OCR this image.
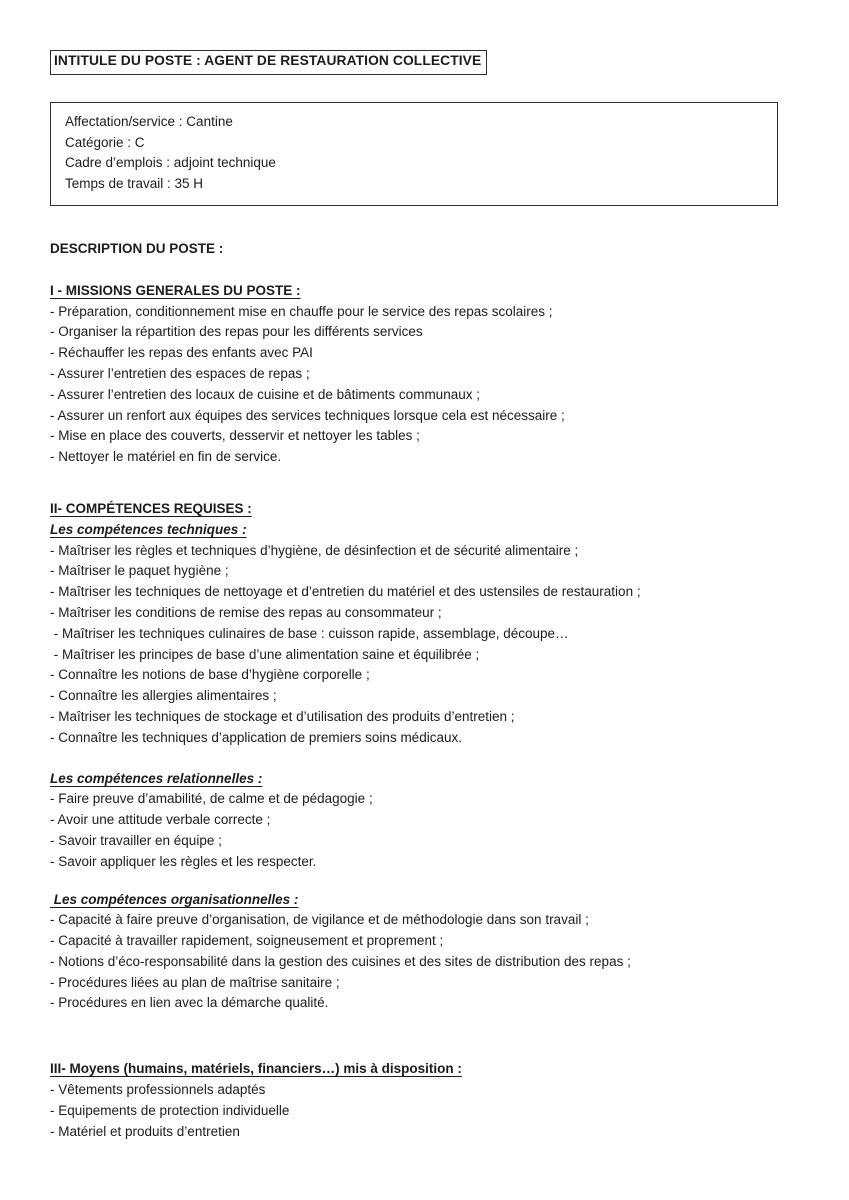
INTITULE DU POSTE : AGENT DE RESTAURATION COLLECTIVE

Affectation/service : Cantine

Catégorie : C

Cadre d’emplois : adjoint technique

Temps de travail : 35 H

DESCRIPTION DU POSTE :

I - MISSIONS GENERALES DU POSTE :

- Préparation, conditionnement mise en chauffe pour le service des repas scolaires ;

- Organiser la répartition des repas pour les différents services

- Réchauffer les repas des enfants avec PAI

- Assurer l’entretien des espaces de repas ;

- Assurer l’entretien des locaux de cuisine et de bâtiments communaux ;

- Assurer un renfort aux équipes des services techniques lorsque cela est nécessaire ;

- Mise en place des couverts, desservir et nettoyer les tables ;

- Nettoyer le matériel en fin de service.

II- COMPÉTENCES REQUISES :

Les compétences techniques :

- Maîtriser les règles et techniques d’hygiène, de désinfection et de sécurité alimentaire ;

- Maîtriser le paquet hygiène ;

- Maîtriser les techniques de nettoyage et d’entretien du matériel et des ustensiles de restauration ;

- Maîtriser les conditions de remise des repas au consommateur ;

- Maîtriser les techniques culinaires de base : cuisson rapide, assemblage, découpe…

- Maîtriser les principes de base d’une alimentation saine et équilibrée ;

- Connaître les notions de base d’hygiène corporelle ;

- Connaître les allergies alimentaires ;

- Maîtriser les techniques de stockage et d’utilisation des produits d’entretien ;

- Connaître les techniques d’application de premiers soins médicaux.

Les compétences relationnelles :

- Faire preuve d’amabilité, de calme et de pédagogie ;

- Avoir une attitude verbale correcte ;

- Savoir travailler en équipe ;

- Savoir appliquer les règles et les respecter.

Les compétences organisationnelles :

- Capacité à faire preuve d’organisation, de vigilance et de méthodologie dans son travail ;

- Capacité à travailler rapidement, soigneusement et proprement ;

- Notions d’éco-responsabilité dans la gestion des cuisines et des sites de distribution des repas ;

- Procédures liées au plan de maîtrise sanitaire ;

- Procédures en lien avec la démarche qualité.

III- Moyens (humains, matériels, financiers…) mis à disposition :

- Vêtements professionnels adaptés

- Equipements de protection individuelle

- Matériel et produits d’entretien
